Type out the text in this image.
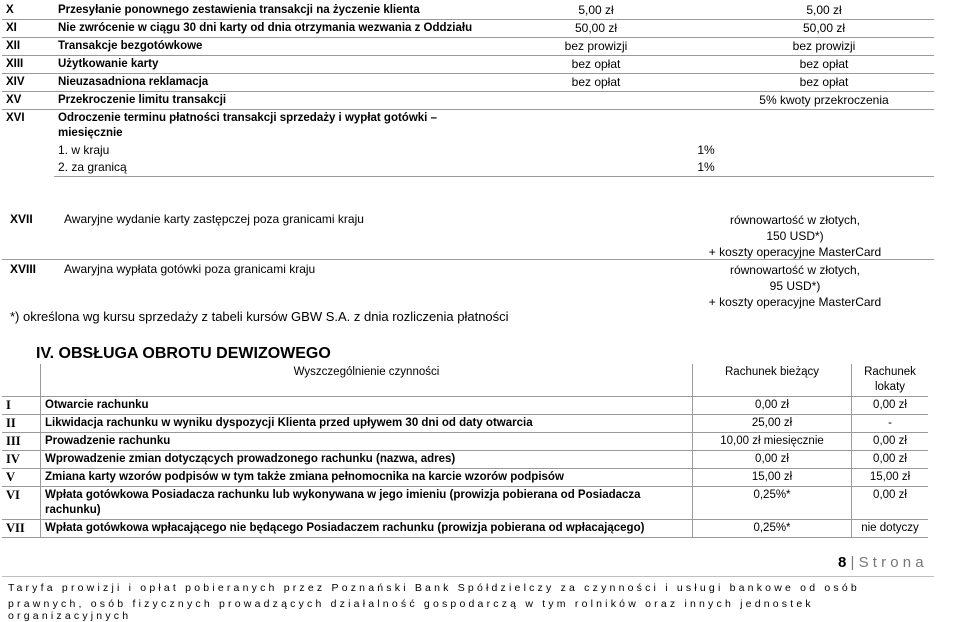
X	Przesyłanie ponownego zestawienia transakcji na życzenie klienta	5,00 zł	5,00 zł
XI	Nie zwrócenie w ciągu 30 dni karty od dnia otrzymania wezwania z Oddziału	50,00 zł	50,00 zł
XII	Transakcje bezgotówkowe	bez prowizji	bez prowizji
XIII	Użytkowanie karty	bez opłat	bez opłat
XIV	Nieuzasadniona reklamacja	bez opłat	bez opłat
XV	Przekroczenie limitu transakcji		5% kwoty przekroczenia
XVI	Odroczenie terminu płatności transakcji sprzedaży i wypłat gotówki – miesięcznie		
	1. w kraju	1%	
	2. za granicą	1%	
XVII	Awaryjne wydanie karty zastępczej poza granicami kraju	równowartość w złotych,
150 USD*)
+ koszty operacyjne MasterCard
XVIII Awaryjna wypłata gotówki poza granicami kraju	równowartość w złotych,
95 USD*)
+ koszty operacyjne MasterCard
*) określona wg kursu sprzedaży z tabeli kursów GBW S.A. z dnia rozliczenia płatności
IV. OBSŁUGA OBROTU DEWIZOWEGO
	Wyszczególnienie czynności	Rachunek bieżący	Rachunek lokaty
I	Otwarcie rachunku	0,00 zł	0,00 zł
II	Likwidacja rachunku w wyniku dyspozycji Klienta przed upływem 30 dni od daty otwarcia	25,00 zł	-
III	Prowadzenie rachunku	10,00 zł miesięcznie	0,00 zł
IV	Wprowadzenie zmian dotyczących prowadzonego rachunku (nazwa, adres)	0,00 zł	0,00 zł
V	Zmiana karty wzorów podpisów w tym także zmiana pełnomocnika na karcie wzorów podpisów	15,00 zł	15,00 zł
VI	Wpłata gotówkowa Posiadacza rachunku lub wykonywana w jego imieniu (prowizja pobierana od Posiadacza rachunku)	0,25%*	0,00 zł
VII	Wpłata gotówkowa wpłacającego nie będącego Posiadaczem rachunku (prowizja pobierana od wpłacającego)	0,25%*	nie dotyczy
8 | S t r o n a
Taryfa prowizji i opłat pobieranych przez Poznański Bank Spółdzielczy za czynności i usługi bankowe od osób
prawnych, osób fizycznych prowadzących działalność gospodarczą w tym rolników oraz innych jednostek
organizacyjnych
